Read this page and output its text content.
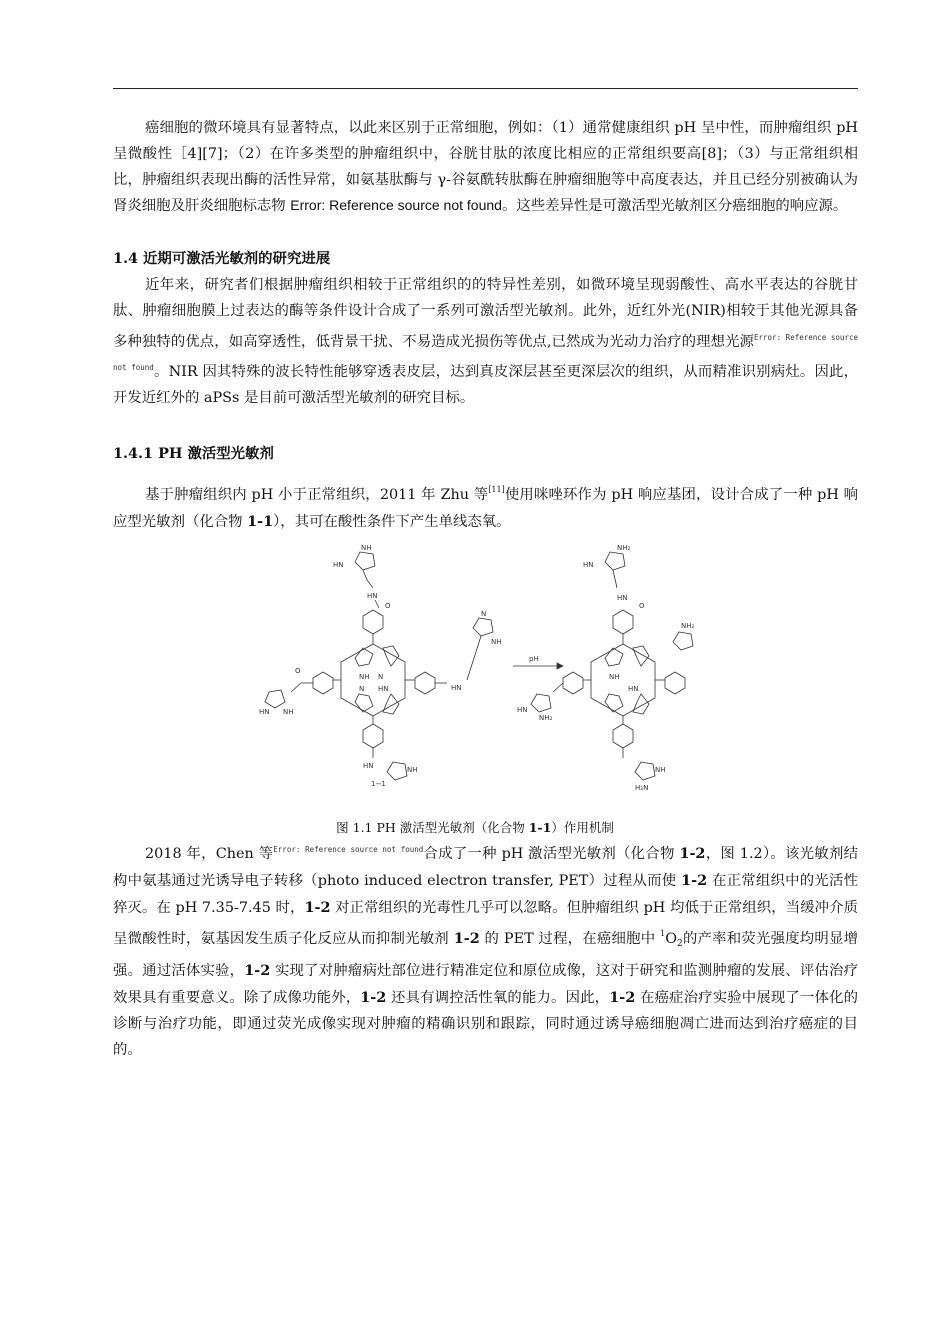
癌细胞的微环境具有显著特点，以此来区别于正常细胞，例如：（1）通常健康组织 pH 呈中性，而肿瘤组织 pH 呈微酸性［4][7]；（2）在许多类型的肿瘤组织中，谷胱甘肽的浓度比相应的正常组织要高[8]；（3）与正常组织相比，肿瘤组织表现出酶的活性异常，如氨基肽酶与 γ-谷氨酰转肽酶在肿瘤细胞等中高度表达，并且已经分别被确认为肾炎细胞及肝炎细胞标志物 Error: Reference source not found。这些差异性是可激活型光敏剂区分癌细胞的响应源。

1.4 近期可激活光敏剂的研究进展

近年来，研究者们根据肿瘤组织相较于正常组织的的特异性差别，如微环境呈现弱酸性、高水平表达的谷胱甘肽、肿瘤细胞膜上过表达的酶等条件设计合成了一系列可激活型光敏剂。此外，近红外光(NIR)相较于其他光源具备多种独特的优点，如高穿透性，低背景干扰、不易造成光损伤等优点,已然成为光动力治疗的理想光源$^{Error: Reference source not found}$。NIR 因其特殊的波长特性能够穿透表皮层，达到真皮深层甚至更深层次的组织，从而精准识别病灶。因此，开发近红外的 aPSs 是目前可激活型光敏剂的研究目标。

1.4.1 PH 激活型光敏剂

基于肿瘤组织内 pH 小于正常组织，2011 年 Zhu 等[11]使用咪唑环作为 pH 响应基团，设计合成了一种 pH 响应型光敏剂（化合物 1-1），其可在酸性条件下产生单线态氧。

NH
HN
HN
O
NH N
N HN
O
HN NH
HN
N
NH
HN	NH
1−1
pH
NH₂
HN
HN
O
NH
HN
HN
NH₂
NH₂
NH
H₂N

图 1.1 PH 激活型光敏剂（化合物 1-1）作用机制

2018 年，Chen 等$^{Error: Reference source not found}$合成了一种 pH 激活型光敏剂（化合物 1-2，图 1.2）。该光敏剂结构中氨基通过光诱导电子转移（photo induced electron transfer, PET）过程从而使 1-2 在正常组织中的光活性猝灭。在 pH 7.35-7.45 时，1-2 对正常组织的光毒性几乎可以忽略。但肿瘤组织 pH 均低于正常组织，当缓冲介质呈微酸性时，氨基因发生质子化反应从而抑制光敏剂 1-2 的 PET 过程，在癌细胞中 $^1O_2$的产率和荧光强度均明显增强。通过活体实验，1-2 实现了对肿瘤病灶部位进行精准定位和原位成像，这对于研究和监测肿瘤的发展、评估治疗效果具有重要意义。除了成像功能外，1-2 还具有调控活性氧的能力。因此，1-2 在癌症治疗实验中展现了一体化的诊断与治疗功能，即通过荧光成像实现对肿瘤的精确识别和跟踪，同时通过诱导癌细胞凋亡进而达到治疗癌症的目的。
